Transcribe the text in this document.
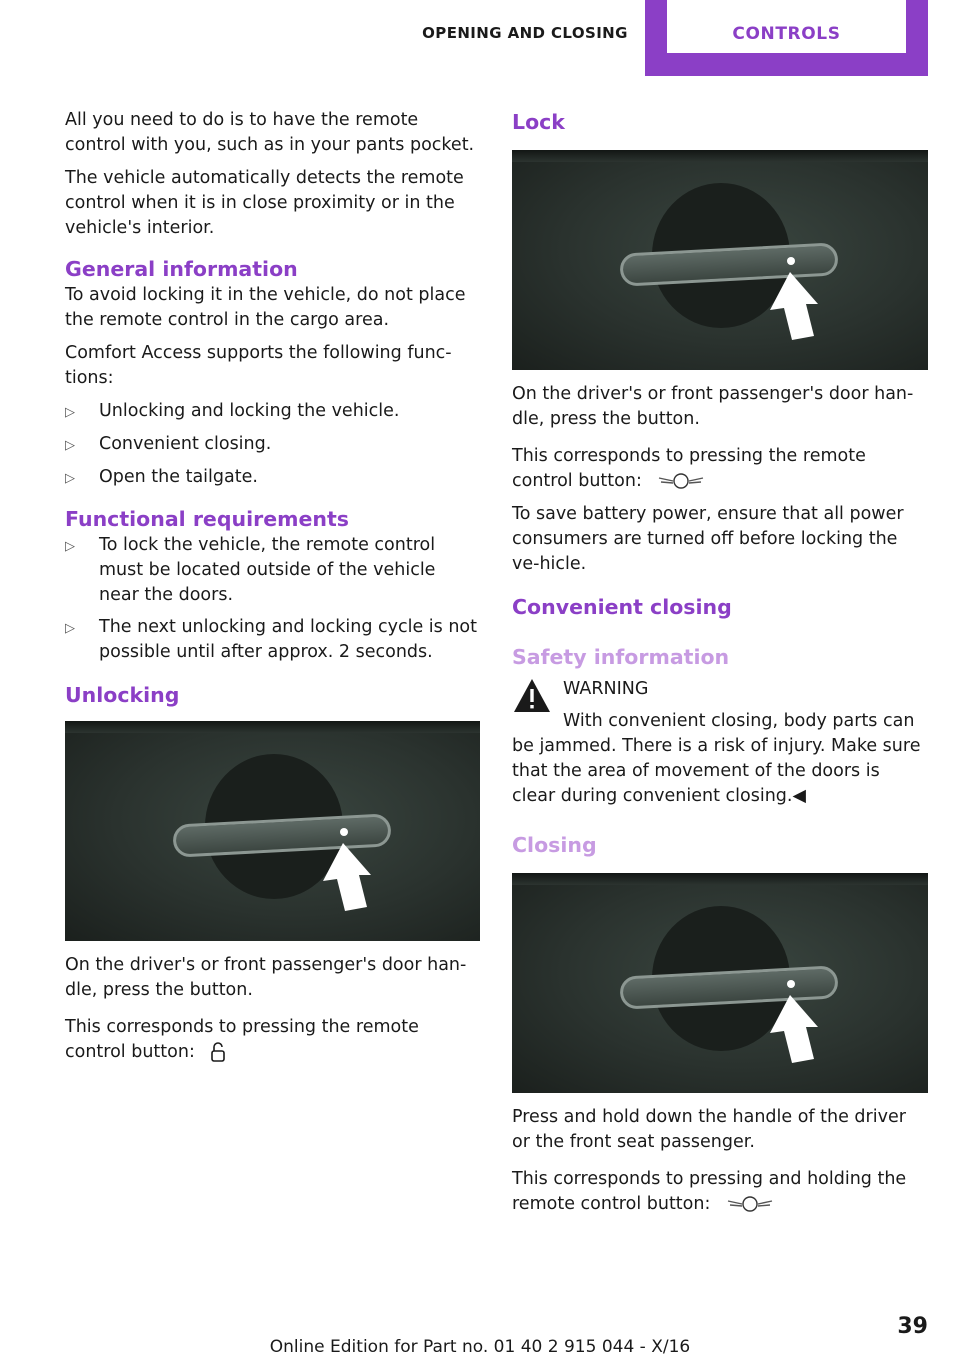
OPENING AND CLOSING	CONTROLS

All you need to do is to have the remote control with you, such as in your pants pocket.

The vehicle automatically detects the remote control when it is in close proximity or in the vehicle's interior.

General information

To avoid locking it in the vehicle, do not place the remote control in the cargo area.

Comfort Access supports the following func‐tions:

▷	Unlocking and locking the vehicle.
▷	Convenient closing.
▷	Open the tailgate.
Functional requirements
▷	To lock the vehicle, the remote control must be located outside of the vehicle near the doors.
▷	The next unlocking and locking cycle is not possible until after approx. 2 seconds.
Unlocking

On the driver's or front passenger's door han‐dle, press the button.

This corresponds to pressing the remote control button:

Lock

On the driver's or front passenger's door han‐dle, press the button.

This corresponds to pressing the remote control button:

To save battery power, ensure that all power consumers are turned off before locking the ve‐hicle.

Convenient closing
Safety information
WARNING
With convenient closing, body parts can

be jammed. There is a risk of injury. Make sure that the area of movement of the doors is clear during convenient closing.◀

Closing

Press and hold down the handle of the driver or the front seat passenger.

This corresponds to pressing and holding the remote control button:

39
Online Edition for Part no. 01 40 2 915 044 - X/16
